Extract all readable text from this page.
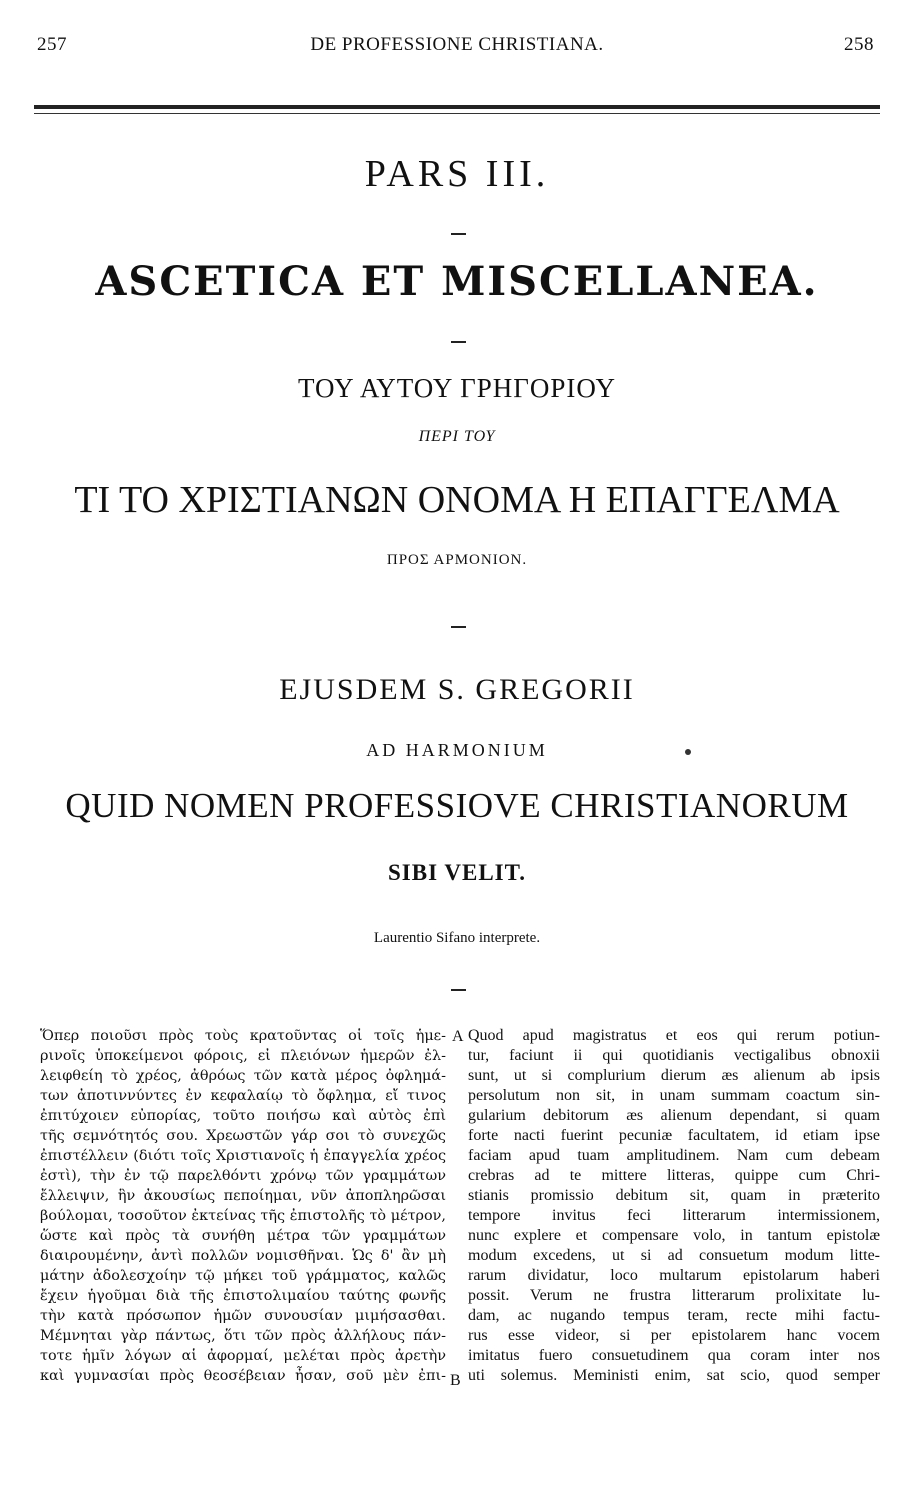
257	DE PROFESSIONE CHRISTIANA.	258
PARS III.
ASCETICA ET MISCELLANEA.
ΤΟΥ ΑΥΤΟΥ ΓΡΗΓΟΡΙΟΥ
ΠΕΡΙ ΤΟΥ
ΤΙ ΤΟ ΧΡΙΣΤΙΑΝΩΝ ΟΝΟΜΑ Η ΕΠΑΓΓΕΛΜΑ
ΠΡΟΣ ΑΡΜΟΝΙΟΝ.
EJUSDEM S. GREGORII
AD HARMONIUM
QUID NOMEN PROFESSIOVE CHRISTIANORUM
SIBI VELIT.
Laurentio Sifano interprete.
Ὅπερ ποιοῦσι πρὸς τοὺς κρατοῦντας οἱ τοῖς ἡμε-
ρινοῖς ὑποκείμενοι φόροις, εἰ πλειόνων ἡμερῶν ἐλ-
λειφθείη τὸ χρέος, ἀθρόως τῶν κατὰ μέρος ὀφλημά-
των ἀποτιννύντες ἐν κεφαλαίῳ τὸ ὄφλημα, εἴ τινος
ἐπιτύχοιεν εὐπορίας, τοῦτο ποιήσω καὶ αὐτὸς ἐπὶ
τῆς σεμνότητός σου. Χρεωστῶν γάρ σοι τὸ συνεχῶς
ἐπιστέλλειν (διότι τοῖς Χριστιανοῖς ἡ ἐπαγγελία χρέος
ἐστὶ), τὴν ἐν τῷ παρελθόντι χρόνῳ τῶν γραμμάτων
ἔλλειψιν, ἣν ἀκουσίως πεποίημαι, νῦν ἀποπληρῶσαι
βούλομαι, τοσοῦτον ἐκτείνας τῆς ἐπιστολῆς τὸ μέτρον,
ὥστε καὶ πρὸς τὰ συνήθη μέτρα τῶν γραμμάτων
διαιρουμένην, ἀντὶ πολλῶν νομισθῆναι. Ὡς δ' ἂν μὴ
μάτην ἀδολεσχοίην τῷ μήκει τοῦ γράμματος, καλῶς
ἔχειν ἡγοῦμαι διὰ τῆς ἐπιστολιμαίου ταύτης φωνῆς
τὴν κατὰ πρόσωπον ἡμῶν συνουσίαν μιμήσασθαι.
Μέμνηται γὰρ πάντως, ὅτι τῶν πρὸς ἀλλήλους πάν-
τοτε ἡμῖν λόγων αἱ ἀφορμαί, μελέται πρὸς ἀρετὴν
καὶ γυμνασίαι πρὸς θεοσέβειαν ἦσαν, σοῦ μὲν ἐπι-
A
B
Quod apud magistratus et eos qui rerum potiun-
tur, faciunt ii qui quotidianis vectigalibus obnoxii
sunt, ut si complurium dierum æs alienum ab ipsis
persolutum non sit, in unam summam coactum sin-
gularium debitorum æs alienum dependant, si quam
forte nacti fuerint pecuniæ facultatem, id etiam ipse
faciam apud tuam amplitudinem. Nam cum debeam
crebras ad te mittere litteras, quippe cum Chri-
stianis promissio debitum sit, quam in præterito
tempore invitus feci litterarum intermissionem,
nunc explere et compensare volo, in tantum epistolæ
modum excedens, ut si ad consuetum modum litte-
rarum dividatur, loco multarum epistolarum haberi
possit. Verum ne frustra litterarum prolixitate lu-
dam, ac nugando tempus teram, recte mihi factu-
rus esse videor, si per epistolarem hanc vocem
imitatus fuero consuetudinem qua coram inter nos
uti solemus. Meministi enim, sat scio, quod semper
